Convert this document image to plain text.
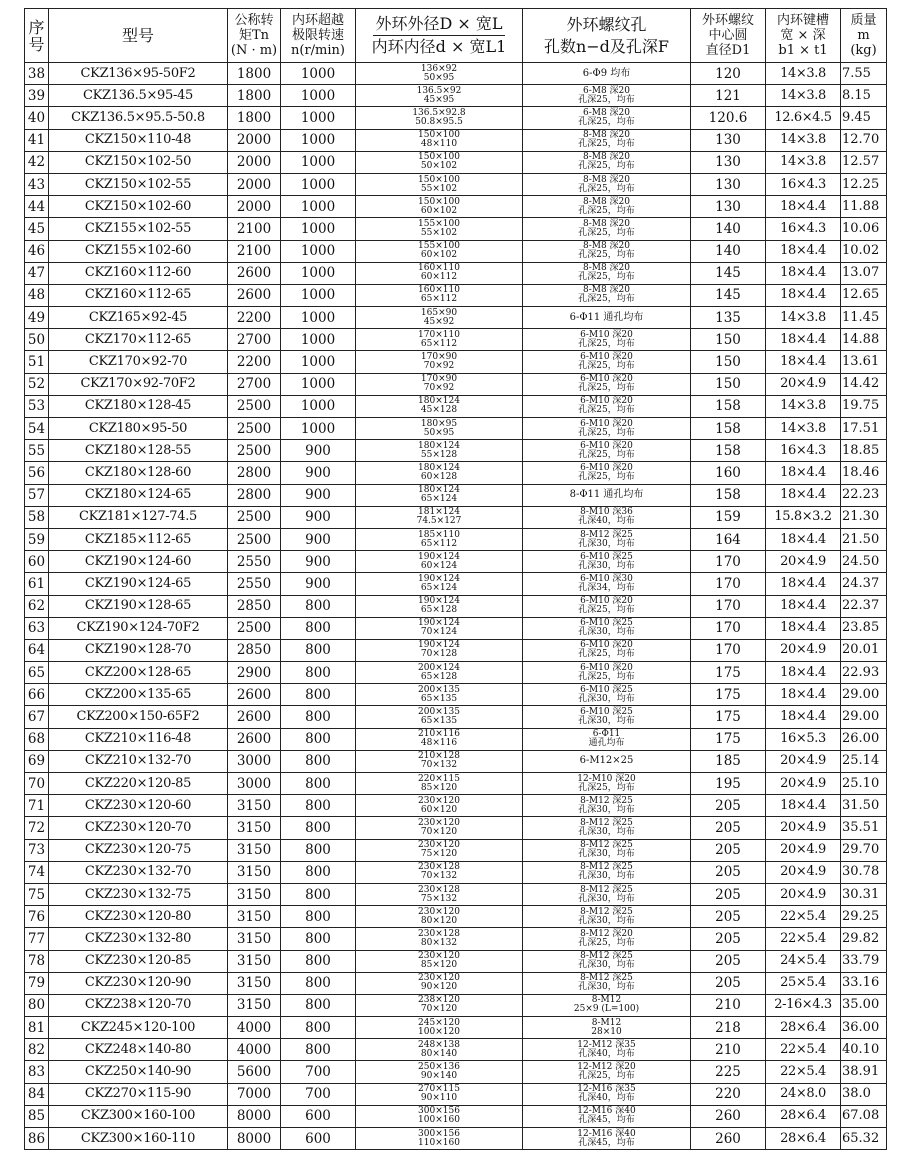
序号	型号	公称转
矩Tn
(N · m)	内环超越
极限转速
n(r/min)	外环外径D × 宽L
内环内径d × 宽L1	外环螺纹孔
孔数n−d及孔深F	外环螺纹
中心圆
直径D1	内环键槽
宽 × 深
b1 × t1	质量
m
(kg)

38	CKZ136×95-50F2	1800	1000	136×92
50×95	6-Φ9 均布	120	14×3.8	7.55
39	CKZ136.5×95-45	1800	1000	136.5×92
45×95	6-M8 深20
孔深25，均布	121	14×3.8	8.15
40	CKZ136.5×95.5-50.8	1800	1000	136.5×92.8
50.8×95.5	6-M8 深20
孔深25，均布	120.6	12.6×4.5	9.45
41	CKZ150×110-48	2000	1000	150×100
48×110	8-M8 深20
孔深25，均布	130	14×3.8	12.70
42	CKZ150×102-50	2000	1000	150×100
50×102	8-M8 深20
孔深25，均布	130	14×3.8	12.57
43	CKZ150×102-55	2000	1000	150×100
55×102	8-M8 深20
孔深25，均布	130	16×4.3	12.25
44	CKZ150×102-60	2000	1000	150×100
60×102	8-M8 深20
孔深25，均布	130	18×4.4	11.88
45	CKZ155×102-55	2100	1000	155×100
55×102	8-M8 深20
孔深25，均布	140	16×4.3	10.06
46	CKZ155×102-60	2100	1000	155×100
60×102	8-M8 深20
孔深25，均布	140	18×4.4	10.02
47	CKZ160×112-60	2600	1000	160×110
60×112	8-M8 深20
孔深25，均布	145	18×4.4	13.07
48	CKZ160×112-65	2600	1000	160×110
65×112	8-M8 深20
孔深25，均布	145	18×4.4	12.65
49	CKZ165×92-45	2200	1000	165×90
45×92	6-Φ11 通孔均布	135	14×3.8	11.45
50	CKZ170×112-65	2700	1000	170×110
65×112	6-M10 深20
孔深25，均布	150	18×4.4	14.88
51	CKZ170×92-70	2200	1000	170×90
70×92	6-M10 深20
孔深25，均布	150	18×4.4	13.61
52	CKZ170×92-70F2	2700	1000	170×90
70×92	6-M10 深20
孔深25，均布	150	20×4.9	14.42
53	CKZ180×128-45	2500	1000	180×124
45×128	6-M10 深20
孔深25，均布	158	14×3.8	19.75
54	CKZ180×95-50	2500	1000	180×95
50×95	6-M10 深20
孔深25，均布	158	14×3.8	17.51
55	CKZ180×128-55	2500	900	180×124
55×128	6-M10 深20
孔深25，均布	158	16×4.3	18.85
56	CKZ180×128-60	2800	900	180×124
60×128	6-M10 深20
孔深25，均布	160	18×4.4	18.46
57	CKZ180×124-65	2800	900	180×124
65×124	8-Φ11 通孔均布	158	18×4.4	22.23
58	CKZ181×127-74.5	2500	900	181×124
74.5×127	8-M10 深36
孔深40，均布	159	15.8×3.2	21.30
59	CKZ185×112-65	2500	900	185×110
65×112	8-M12 深25
孔深30，均布	164	18×4.4	21.50
60	CKZ190×124-60	2550	900	190×124
60×124	6-M10 深25
孔深30，均布	170	20×4.9	24.50
61	CKZ190×124-65	2550	900	190×124
65×124	6-M10 深30
孔深34，均布	170	18×4.4	24.37
62	CKZ190×128-65	2850	800	190×124
65×128	6-M10 深20
孔深25，均布	170	18×4.4	22.37
63	CKZ190×124-70F2	2500	800	190×124
70×124	6-M10 深25
孔深30，均布	170	18×4.4	23.85
64	CKZ190×128-70	2850	800	190×124
70×128	6-M10 深20
孔深25，均布	170	20×4.9	20.01
65	CKZ200×128-65	2900	800	200×124
65×128	6-M10 深20
孔深25，均布	175	18×4.4	22.93
66	CKZ200×135-65	2600	800	200×135
65×135	6-M10 深25
孔深30，均布	175	18×4.4	29.00
67	CKZ200×150-65F2	2600	800	200×135
65×135	6-M10 深25
孔深30，均布	175	18×4.4	29.00
68	CKZ210×116-48	2600	800	210×116
48×116	6-Φ11
通孔均布	175	16×5.3	26.00
69	CKZ210×132-70	3000	800	210×128
70×132	6-M12×25	185	20×4.9	25.14
70	CKZ220×120-85	3000	800	220×115
85×120	12-M10 深20
孔深25，均布	195	20×4.9	25.10
71	CKZ230×120-60	3150	800	230×120
60×120	8-M12 深25
孔深30，均布	205	18×4.4	31.50
72	CKZ230×120-70	3150	800	230×120
70×120	8-M12 深25
孔深30，均布	205	20×4.9	35.51
73	CKZ230×120-75	3150	800	230×120
75×120	8-M12 深25
孔深30，均布	205	20×4.9	29.70
74	CKZ230×132-70	3150	800	230×128
70×132	8-M12 深25
孔深30，均布	205	20×4.9	30.78
75	CKZ230×132-75	3150	800	230×128
75×132	8-M12 深25
孔深30，均布	205	20×4.9	30.31
76	CKZ230×120-80	3150	800	230×120
80×120	8-M12 深25
孔深30，均布	205	22×5.4	29.25
77	CKZ230×132-80	3150	800	230×128
80×132	8-M12 深20
孔深25，均布	205	22×5.4	29.82
78	CKZ230×120-85	3150	800	230×120
85×120	8-M12 深25
孔深30，均布	205	24×5.4	33.79
79	CKZ230×120-90	3150	800	230×120
90×120	8-M12 深25
孔深30，均布	205	25×5.4	33.16
80	CKZ238×120-70	3150	800	238×120
70×120	8-M12
25×9 (L=100)	210	2-16×4.3	35.00
81	CKZ245×120-100	4000	800	245×120
100×120	8-M12
28×10	218	28×6.4	36.00
82	CKZ248×140-80	4000	800	248×138
80×140	12-M12 深35
孔深40，均布	210	22×5.4	40.10
83	CKZ250×140-90	5600	700	250×136
90×140	12-M12 深20
孔深25，均布	225	22×5.4	38.91
84	CKZ270×115-90	7000	700	270×115
90×110	12-M16 深35
孔深40，均布	220	24×8.0	38.0
85	CKZ300×160-100	8000	600	300×156
100×160	12-M16 深40
孔深45，均布	260	28×6.4	67.08
86	CKZ300×160-110	8000	600	300×156
110×160	12-M16 深40
孔深45，均布	260	28×6.4	65.32
